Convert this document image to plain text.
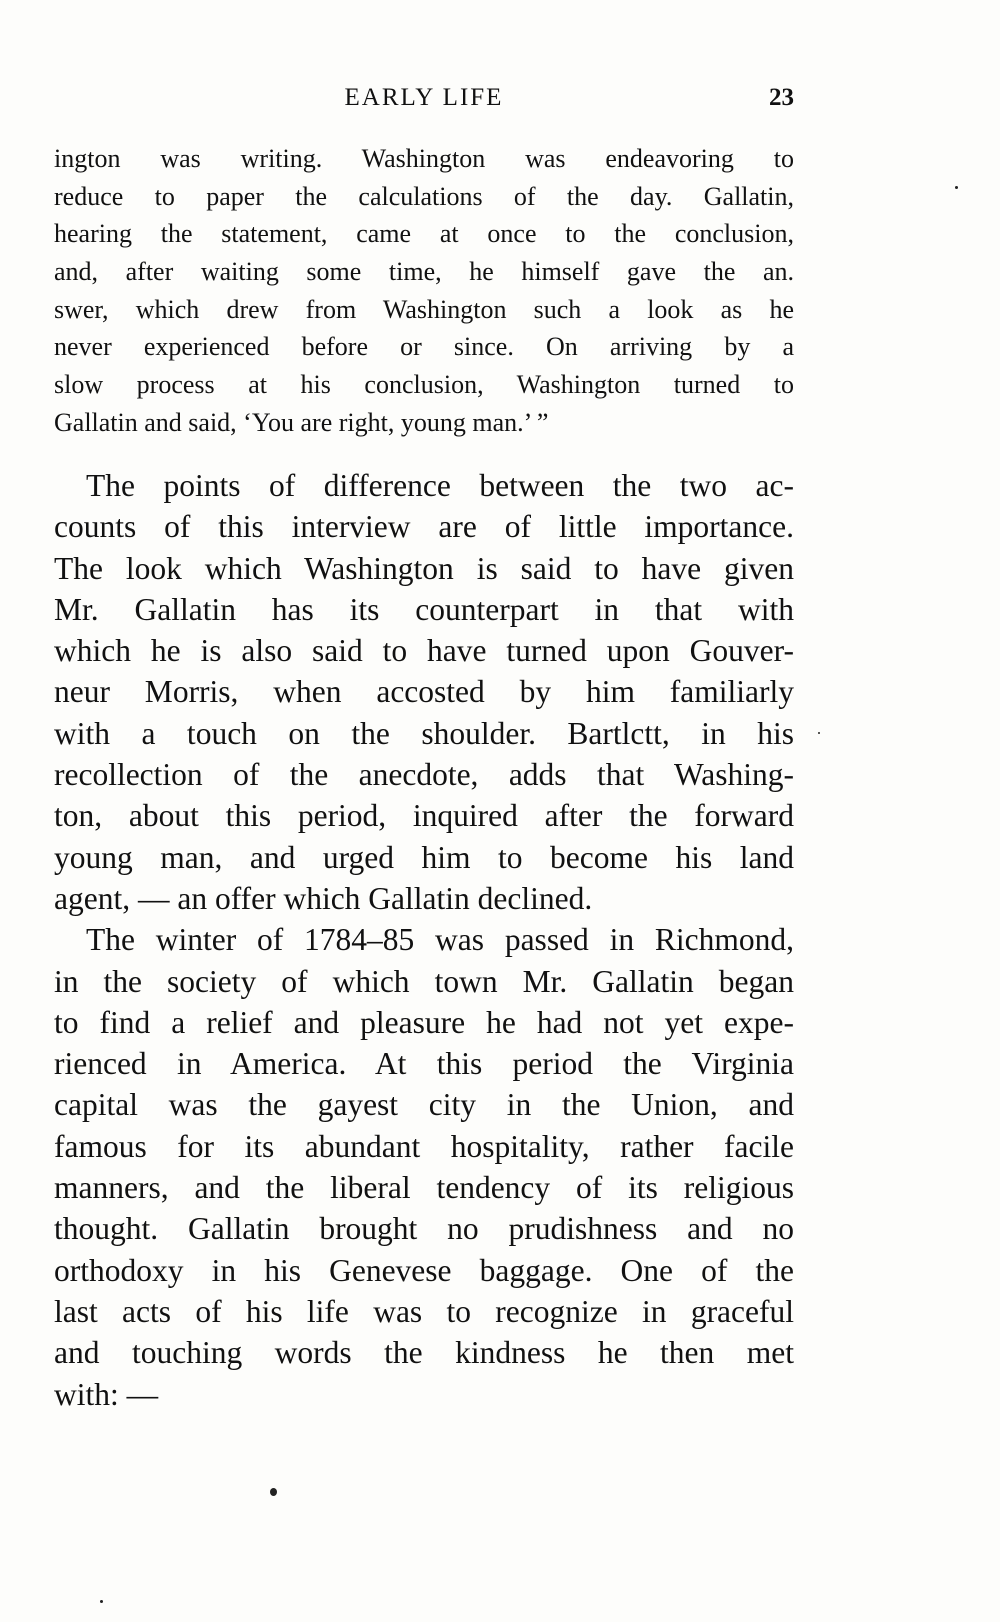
EARLY LIFE	23
ington was writing. Washington was endeavoring to
reduce to paper the calculations of the day. Gallatin,
hearing the statement, came at once to the conclusion,
and, after waiting some time, he himself gave the an.
swer, which drew from Washington such a look as he
never experienced before or since. On arriving by a
slow process at his conclusion, Washington turned to
Gallatin and said, ‘You are right, young man.’ ”
The points of difference between the two ac-
counts of this interview are of little importance.
The look which Washington is said to have given
Mr. Gallatin has its counterpart in that with
which he is also said to have turned upon Gouver-
neur Morris, when accosted by him familiarly
with a touch on the shoulder. Bartlctt, in his
recollection of the anecdote, adds that Washing-
ton, about this period, inquired after the forward
young man, and urged him to become his land
agent, — an offer which Gallatin declined.
The winter of 1784–85 was passed in Richmond,
in the society of which town Mr. Gallatin began
to find a relief and pleasure he had not yet expe-
rienced in America. At this period the Virginia
capital was the gayest city in the Union, and
famous for its abundant hospitality, rather facile
manners, and the liberal tendency of its religious
thought. Gallatin brought no prudishness and no
orthodoxy in his Genevese baggage. One of the
last acts of his life was to recognize in graceful
and touching words the kindness he then met
with: —
